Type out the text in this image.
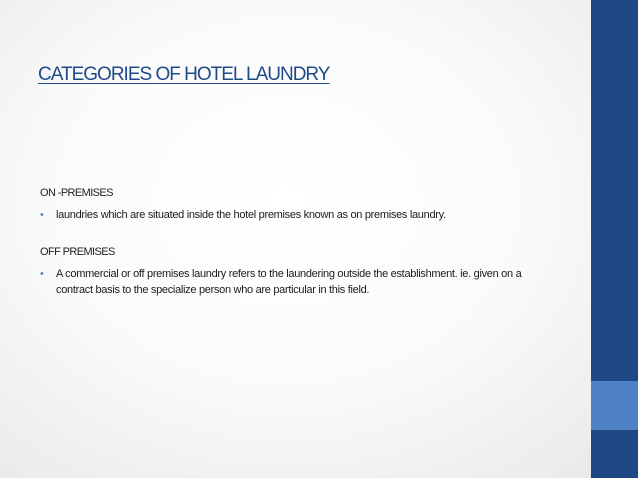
CATEGORIES OF HOTEL LAUNDRY

ON -PREMISES

• laundries which are situated inside the hotel premises known as on premises laundry.

OFF PREMISES

• A commercial or off premises laundry refers to the laundering outside the establishment. ie. given on a contract basis to the specialize person who are particular in this field.
